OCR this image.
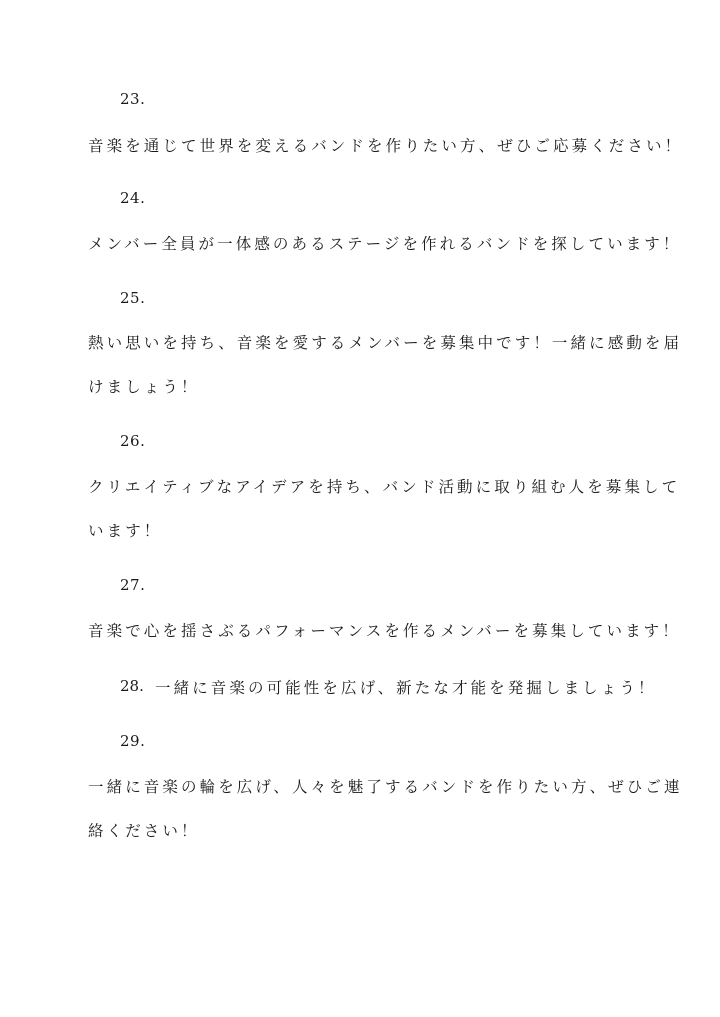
23.
音楽を通じて世界を変えるバンドを作りたい方、ぜひご応募ください！
24.
メンバー全員が一体感のあるステージを作れるバンドを探しています！
25.
熱い思いを持ち、音楽を愛するメンバーを募集中です！一緒に感動を届
けましょう！
26.
クリエイティブなアイデアを持ち、バンド活動に取り組む人を募集して
います！
27.
音楽で心を揺さぶるパフォーマンスを作るメンバーを募集しています！
28. 一緒に音楽の可能性を広げ、新たな才能を発掘しましょう！
29.
一緒に音楽の輪を広げ、人々を魅了するバンドを作りたい方、ぜひご連
絡ください！
